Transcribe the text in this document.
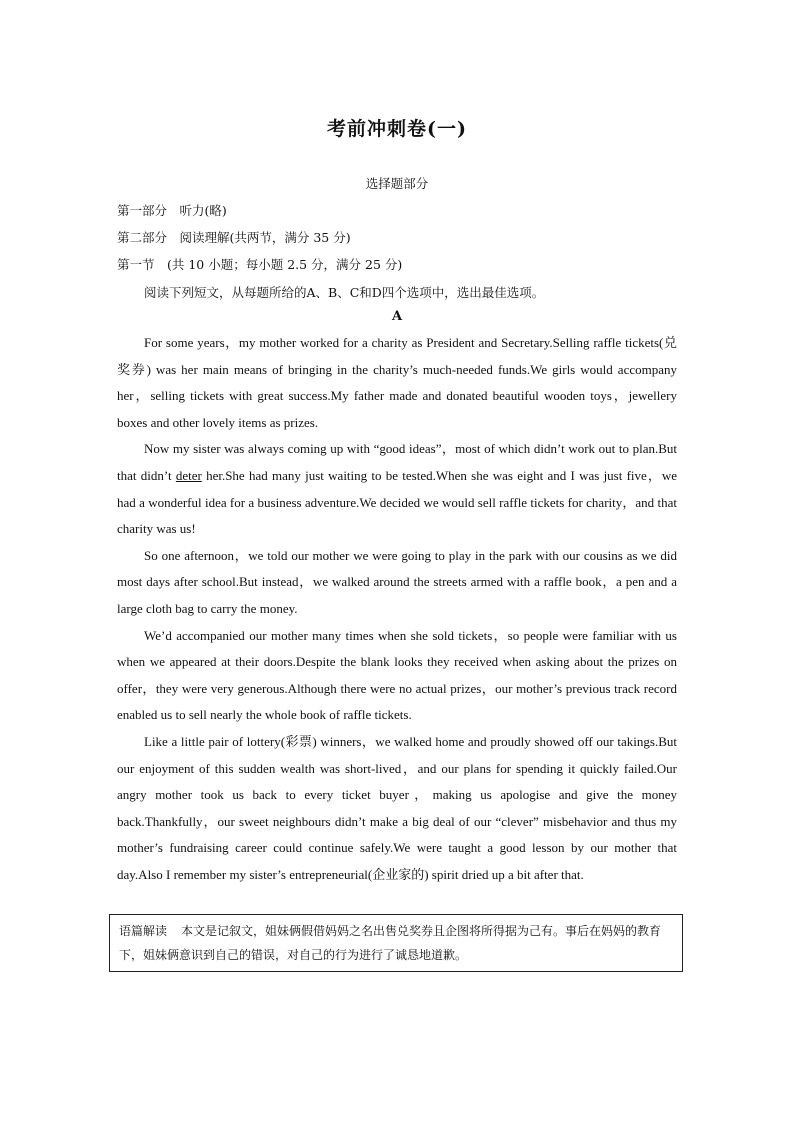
考前冲刺卷(一)
选择题部分
第一部分　听力(略)
第二部分　阅读理解(共两节，满分 35 分)
第一节　(共 10 小题；每小题 2.5 分，满分 25 分)
阅读下列短文，从每题所给的A、B、C和D四个选项中，选出最佳选项。
A

For some years，my mother worked for a charity as President and Secretary.Selling raffle tickets(兑奖券) was her main means of bringing in the charity’s much-needed funds.We girls would accompany her，selling tickets with great success.My father made and donated beautiful wooden toys，jewellery boxes and other lovely items as prizes.

Now my sister was always coming up with “good ideas”，most of which didn’t work out to plan.But that didn’t deter her.She had many just waiting to be tested.When she was eight and I was just five，we had a wonderful idea for a business adventure.We decided we would sell raffle tickets for charity，and that charity was us!

So one afternoon，we told our mother we were going to play in the park with our cousins as we did most days after school.But instead，we walked around the streets armed with a raffle book，a pen and a large cloth bag to carry the money.

We’d accompanied our mother many times when she sold tickets，so people were familiar with us when we appeared at their doors.Despite the blank looks they received when asking about the prizes on offer，they were very generous.Although there were no actual prizes，our mother’s previous track record enabled us to sell nearly the whole book of raffle tickets.

Like a little pair of lottery(彩票) winners，we walked home and proudly showed off our takings.But our enjoyment of this sudden wealth was short-lived，and our plans for spending it quickly failed.Our angry mother took us back to every ticket buyer，making us apologise and give the money back.Thankfully，our sweet neighbours didn’t make a big deal of our “clever” misbehavior and thus my mother’s fundraising career could continue safely.We were taught a good lesson by our mother that day.Also I remember my sister’s entrepreneurial(企业家的) spirit dried up a bit after that.

语篇解读 本文是记叙文，姐妹俩假借妈妈之名出售兑奖券且企图将所得据为己有。事后在妈妈的教育下，姐妹俩意识到自己的错误，对自己的行为进行了诚恳地道歉。
